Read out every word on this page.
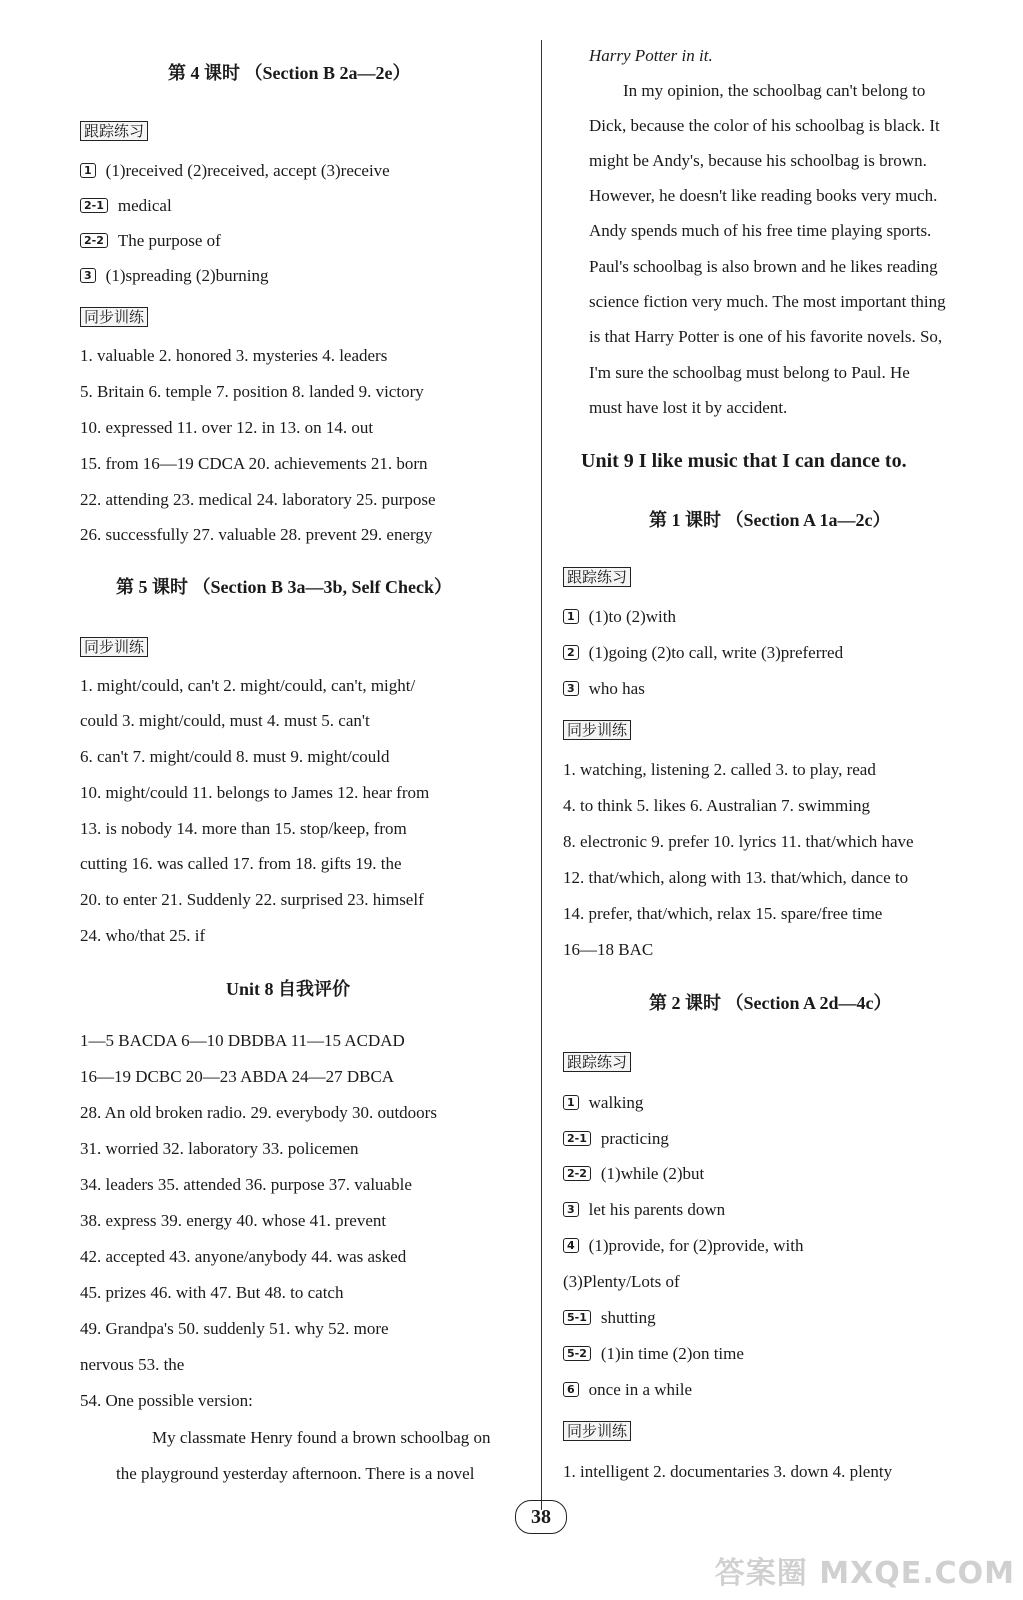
第 4 课时 （Section B 2a—2e）
跟踪练习
1 (1)received (2)received, accept (3)receive
2-1 medical
2-2 The purpose of
3 (1)spreading (2)burning
同步训练
1. valuable 2. honored 3. mysteries 4. leaders
5. Britain 6. temple 7. position 8. landed 9. victory
10. expressed 11. over 12. in 13. on 14. out
15. from 16—19 CDCA 20. achievements 21. born
22. attending 23. medical 24. laboratory 25. purpose
26. successfully 27. valuable 28. prevent 29. energy
第 5 课时 （Section B 3a—3b, Self Check）
同步训练
1. might/could, can't 2. might/could, can't, might/
could 3. might/could, must 4. must 5. can't
6. can't 7. might/could 8. must 9. might/could
10. might/could 11. belongs to James 12. hear from
13. is nobody 14. more than 15. stop/keep, from
cutting 16. was called 17. from 18. gifts 19. the
20. to enter 21. Suddenly 22. surprised 23. himself
24. who/that 25. if
Unit 8 自我评价
1—5 BACDA 6—10 DBDBA 11—15 ACDAD
16—19 DCBC 20—23 ABDA 24—27 DBCA
28. An old broken radio. 29. everybody 30. outdoors
31. worried 32. laboratory 33. policemen
34. leaders 35. attended 36. purpose 37. valuable
38. express 39. energy 40. whose 41. prevent
42. accepted 43. anyone/anybody 44. was asked
45. prizes 46. with 47. But 48. to catch
49. Grandpa's 50. suddenly 51. why 52. more
nervous 53. the
54. One possible version:
My classmate Henry found a brown schoolbag on
the playground yesterday afternoon. There is a novel
Harry Potter in it.
In my opinion, the schoolbag can't belong to
Dick, because the color of his schoolbag is black. It
might be Andy's, because his schoolbag is brown.
However, he doesn't like reading books very much.
Andy spends much of his free time playing sports.
Paul's schoolbag is also brown and he likes reading
science fiction very much. The most important thing
is that Harry Potter is one of his favorite novels. So,
I'm sure the schoolbag must belong to Paul. He
must have lost it by accident.
Unit 9 I like music that I can dance to.
第 1 课时 （Section A 1a—2c）
跟踪练习
1 (1)to (2)with
2 (1)going (2)to call, write (3)preferred
3 who has
同步训练
1. watching, listening 2. called 3. to play, read
4. to think 5. likes 6. Australian 7. swimming
8. electronic 9. prefer 10. lyrics 11. that/which have
12. that/which, along with 13. that/which, dance to
14. prefer, that/which, relax 15. spare/free time
16—18 BAC
第 2 课时 （Section A 2d—4c）
跟踪练习
1 walking
2-1 practicing
2-2 (1)while (2)but
3 let his parents down
4 (1)provide, for (2)provide, with
(3)Plenty/Lots of
5-1 shutting
5-2 (1)in time (2)on time
6 once in a while
同步训练
1. intelligent 2. documentaries 3. down 4. plenty
38
答案圈 MXQE.COM
